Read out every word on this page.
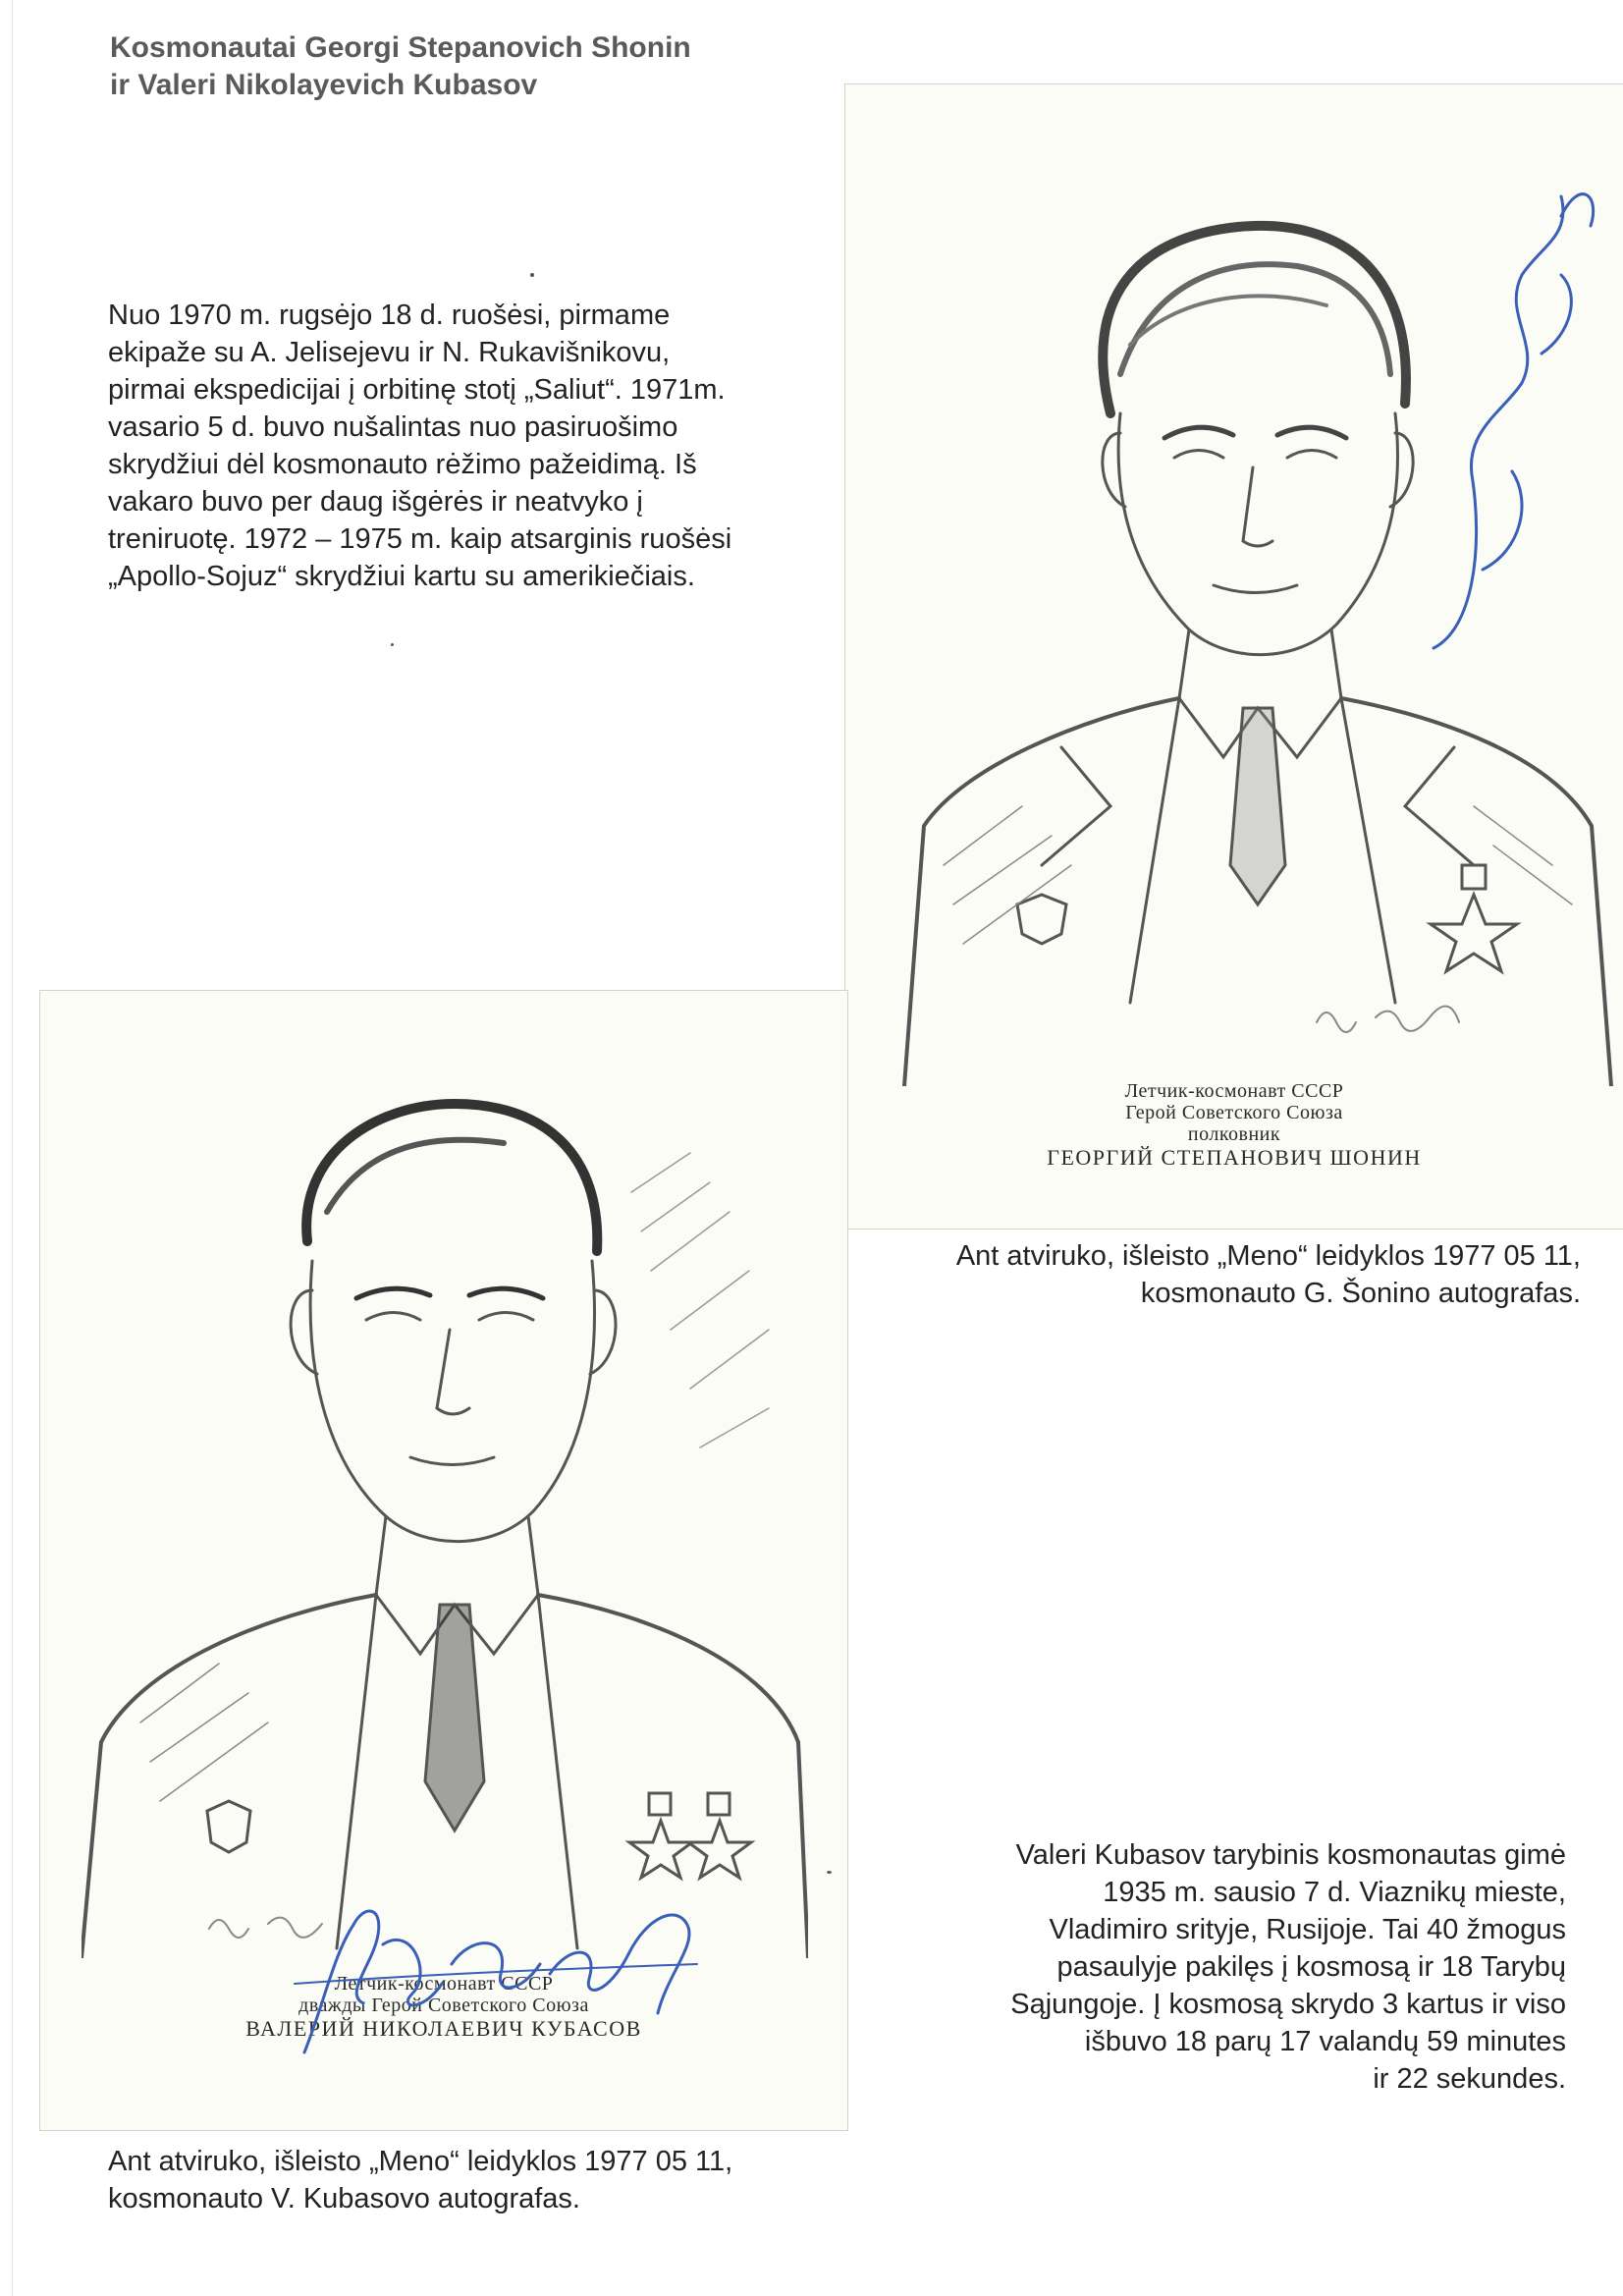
Kosmonautai Georgi Stepanovich Shonin
ir Valeri Nikolayevich Kubasov
Nuo 1970 m. rugsėjo 18 d. ruošėsi, pirmame
ekipaže su A. Jelisejevu ir N. Rukavišnikovu,
pirmai ekspedicijai į orbitinę stotį „Saliut“. 1971m.
vasario 5 d. buvo nušalintas nuo pasiruošimo
skrydžiui dėl kosmonauto rėžimo pažeidimą. Iš
vakaro buvo per daug išgėrės ir neatvyko į
treniruotę. 1972 – 1975 m. kaip atsarginis ruošėsi
„Apollo-Sojuz“ skrydžiui kartu su amerikiečiais.
Летчик-космонавт СССР
Герой Советского Союза
полковник
ГЕОРГИЙ СТЕПАНОВИЧ ШОНИН
Ant atviruko, išleisto „Meno“ leidyklos 1977 05 11,
kosmonauto G. Šonino autografas.
Летчик-космонавт СССР
дважды Герой Советского Союза
ВАЛЕРИЙ НИКОЛАЕВИЧ КУБАСОВ
Valeri Kubasov tarybinis kosmonautas gimė
1935 m. sausio 7 d. Viaznikų mieste,
Vladimiro srityje, Rusijoje. Tai 40 žmogus
pasaulyje pakilęs į kosmosą ir 18 Tarybų
Sąjungoje. Į kosmosą skrydo 3 kartus ir viso
išbuvo 18 parų 17 valandų 59 minutes
ir 22 sekundes.
Ant atviruko, išleisto „Meno“ leidyklos 1977 05 11,
kosmonauto V. Kubasovo autografas.
